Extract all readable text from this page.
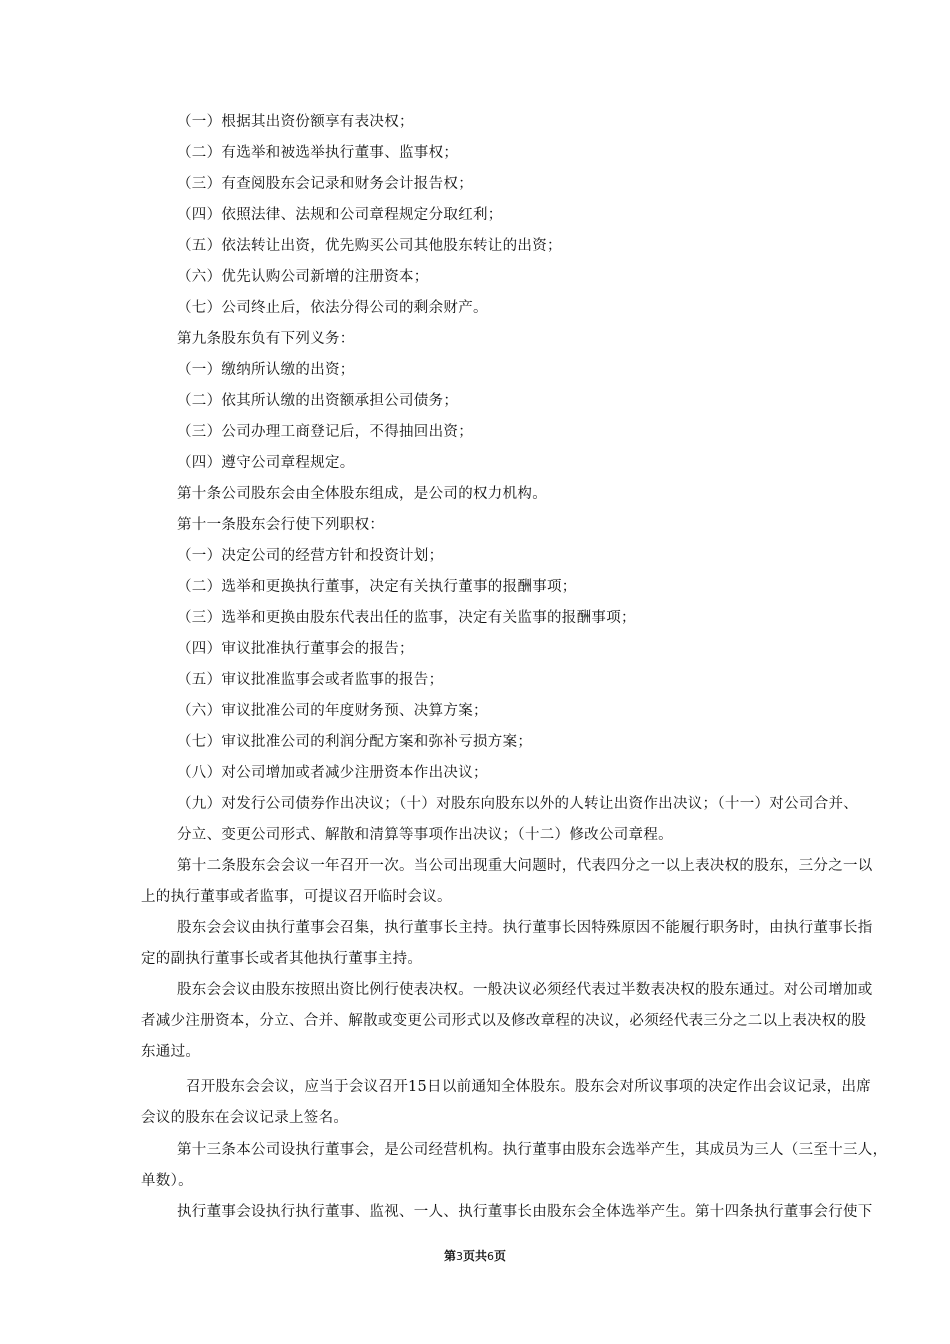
（一）根据其出资份额享有表决权；
（二）有选举和被选举执行董事、监事权；
（三）有查阅股东会记录和财务会计报告权；
（四）依照法律、法规和公司章程规定分取红利；
（五）依法转让出资，优先购买公司其他股东转让的出资；
（六）优先认购公司新增的注册资本；
（七）公司终止后，依法分得公司的剩余财产。
第九条股东负有下列义务：
（一）缴纳所认缴的出资；
（二）依其所认缴的出资额承担公司债务；
（三）公司办理工商登记后，不得抽回出资；
（四）遵守公司章程规定。
第十条公司股东会由全体股东组成，是公司的权力机构。
第十一条股东会行使下列职权：
（一）决定公司的经营方针和投资计划；
（二）选举和更换执行董事，决定有关执行董事的报酬事项；
（三）选举和更换由股东代表出任的监事，决定有关监事的报酬事项；
（四）审议批准执行董事会的报告；
（五）审议批准监事会或者监事的报告；
（六）审议批准公司的年度财务预、决算方案；
（七）审议批准公司的利润分配方案和弥补亏损方案；
（八）对公司增加或者减少注册资本作出决议；
（九）对发行公司债券作出决议；（十）对股东向股东以外的人转让出资作出决议；（十一）对公司合并、
分立、变更公司形式、解散和清算等事项作出决议；（十二）修改公司章程。
第十二条股东会会议一年召开一次。当公司出现重大问题时，代表四分之一以上表决权的股东，三分之一以
上的执行董事或者监事，可提议召开临时会议。
股东会会议由执行董事会召集，执行董事长主持。执行董事长因特殊原因不能履行职务时，由执行董事长指
定的副执行董事长或者其他执行董事主持。
股东会会议由股东按照出资比例行使表决权。一般决议必须经代表过半数表决权的股东通过。对公司增加或
者减少注册资本，分立、合并、解散或变更公司形式以及修改章程的决议，必须经代表三分之二以上表决权的股
东通过。
召开股东会会议，应当于会议召开15日以前通知全体股东。股东会对所议事项的决定作出会议记录，出席
会议的股东在会议记录上签名。
第十三条本公司设执行董事会，是公司经营机构。执行董事由股东会选举产生，其成员为三人（三至十三人，
单数）。
执行董事会设执行执行董事、监视、一人、执行董事长由股东会全体选举产生。第十四条执行董事会行使下
第3页共6页
